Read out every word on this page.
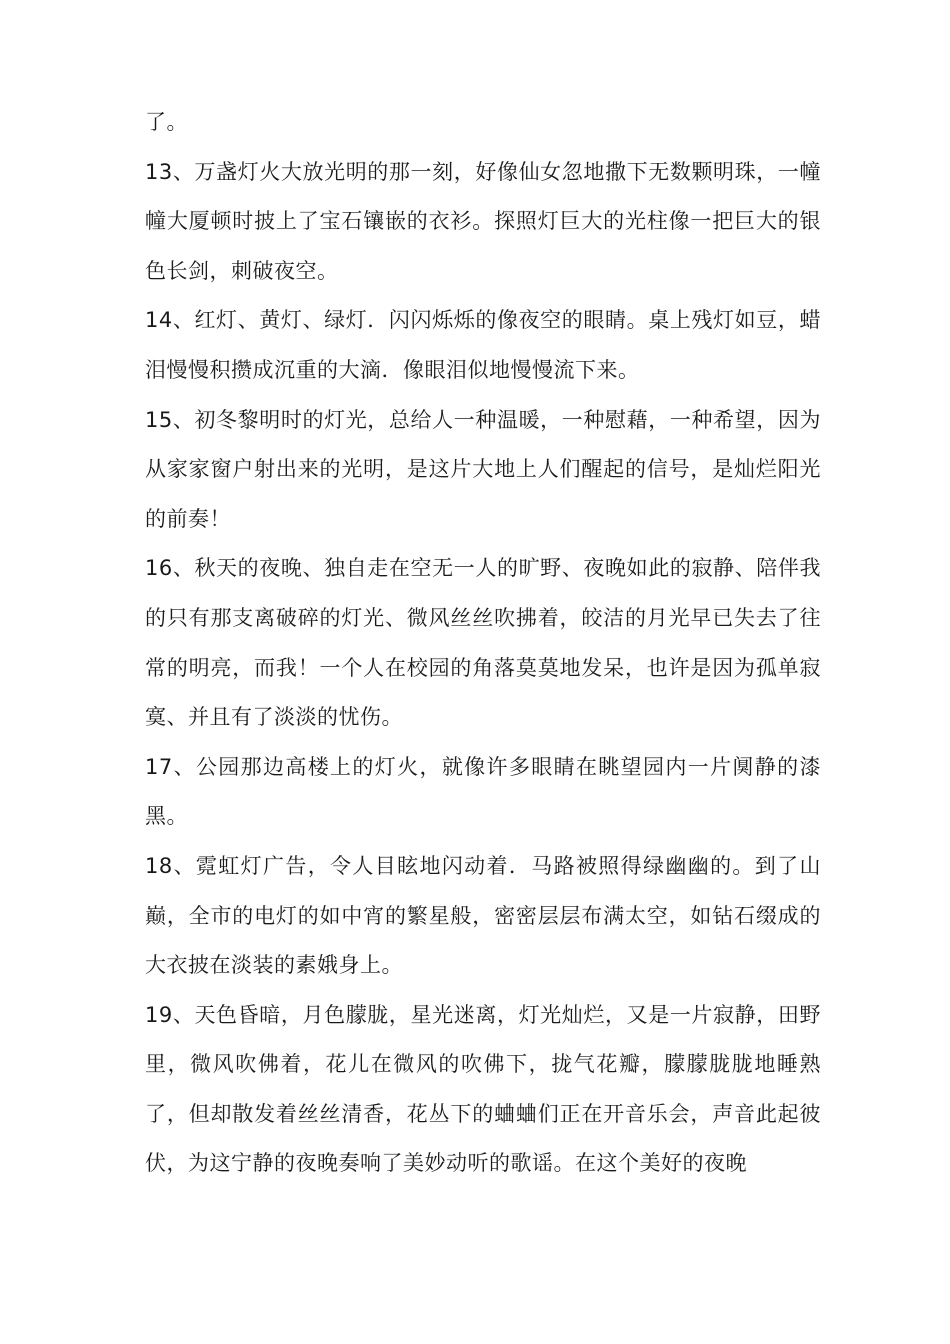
了。

13、万盏灯火大放光明的那一刻，好像仙女忽地撒下无数颗明珠，一幢幢大厦顿时披上了宝石镶嵌的衣衫。探照灯巨大的光柱像一把巨大的银色长剑，刺破夜空。

14、红灯、黄灯、绿灯．闪闪烁烁的像夜空的眼睛。桌上残灯如豆，蜡泪慢慢积攒成沉重的大滴．像眼泪似地慢慢流下来。

15、初冬黎明时的灯光，总给人一种温暖，一种慰藉，一种希望，因为从家家窗户射出来的光明，是这片大地上人们醒起的信号，是灿烂阳光的前奏！

16、秋天的夜晚、独自走在空无一人的旷野、夜晚如此的寂静、陪伴我的只有那支离破碎的灯光、微风丝丝吹拂着，皎洁的月光早已失去了往常的明亮，而我！一个人在校园的角落莫莫地发呆，也许是因为孤单寂寞、并且有了淡淡的忧伤。

17、公园那边高楼上的灯火，就像许多眼睛在眺望园内一片阒静的漆黑。

18、霓虹灯广告，令人目眩地闪动着．马路被照得绿幽幽的。到了山巅，全市的电灯的如中宵的繁星般，密密层层布满太空，如钻石缀成的大衣披在淡装的素娥身上。

19、天色昏暗，月色朦胧，星光迷离，灯光灿烂，又是一片寂静，田野里，微风吹佛着，花儿在微风的吹佛下，拢气花瓣，朦朦胧胧地睡熟了，但却散发着丝丝清香，花丛下的蛐蛐们正在开音乐会，声音此起彼伏，为这宁静的夜晚奏响了美妙动听的歌谣。在这个美好的夜晚
